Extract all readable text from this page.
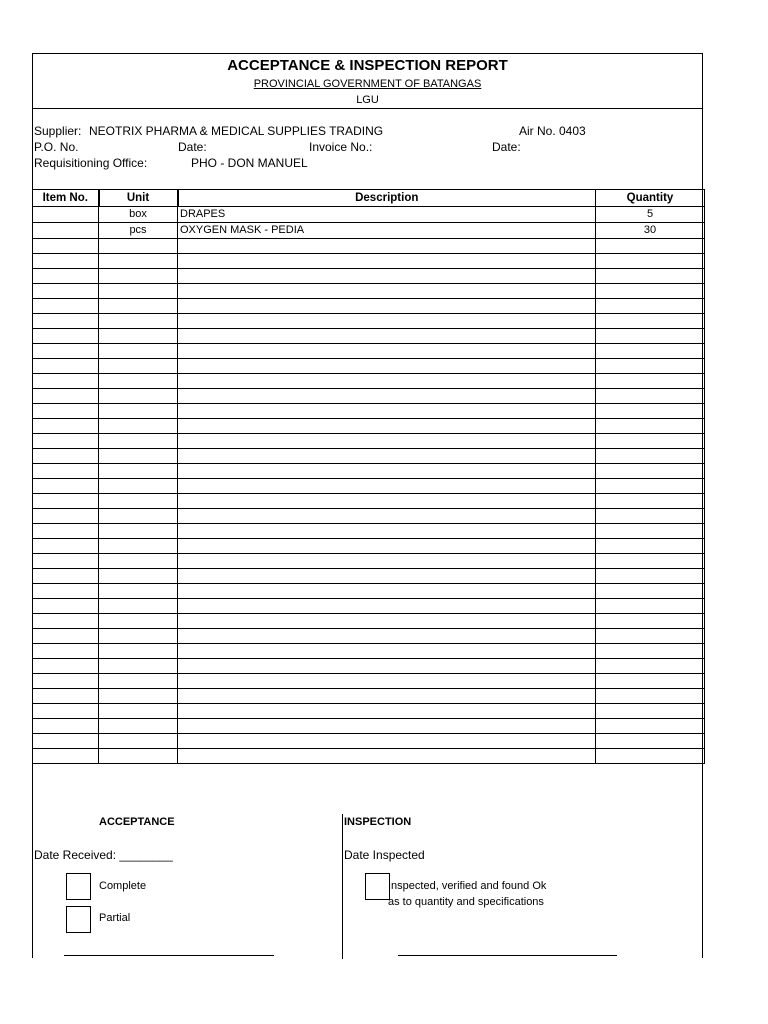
ACCEPTANCE & INSPECTION REPORT
PROVINCIAL GOVERNMENT OF BATANGAS
LGU
Supplier: NEOTRIX PHARMA & MEDICAL SUPPLIES TRADING	Air No. 0403
P.O. No.	Date:	Invoice No.:	Date:
Requisitioning Office:	PHO - DON MANUEL
Item No.	Unit	Description	Quantity
	box	DRAPES	5
	pcs	OXYGEN MASK - PEDIA	30

ACCEPTANCE
Date Received: ________
Complete
Partial
INSPECTION
Date Inspected
Inspected, verified and found Ok
as to quantity and specifications
